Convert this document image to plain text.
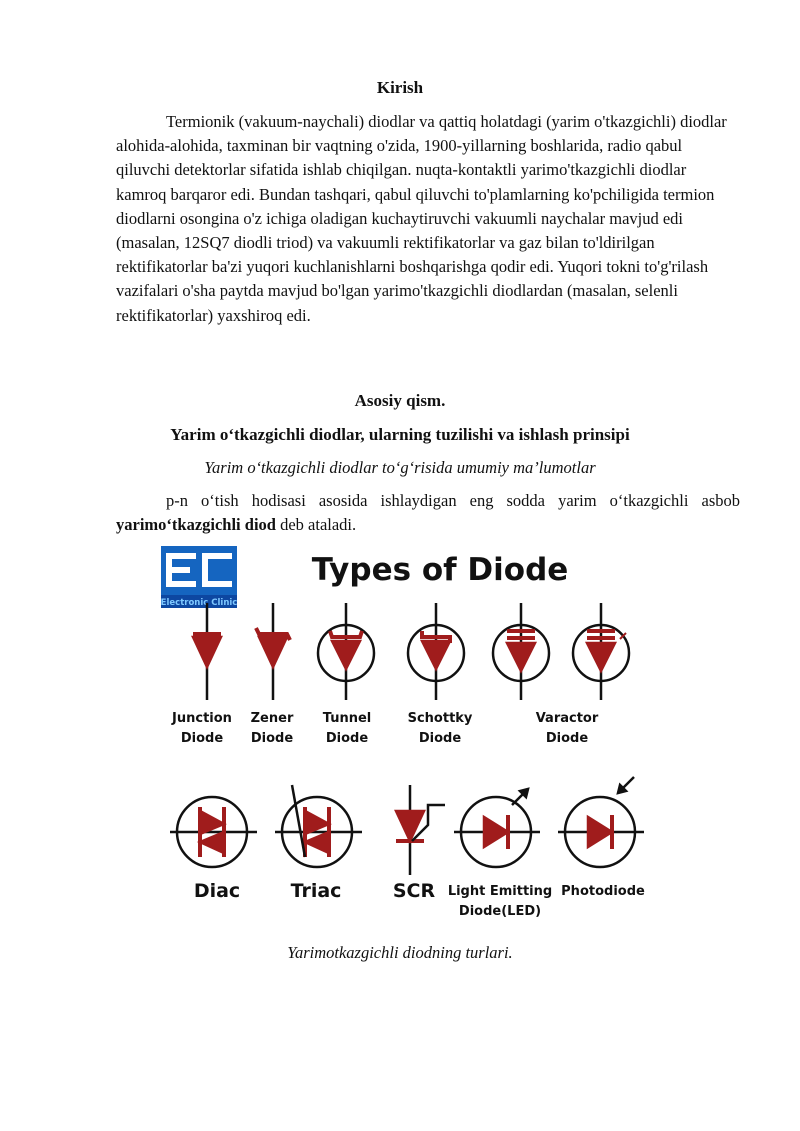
Kirish

Termionik (vakuum-naychali) diodlar va qattiq holatdagi (yarim o'tkazgichli) diodlar alohida-alohida, taxminan bir vaqtning o'zida, 1900-yillarning boshlarida, radio qabul qiluvchi detektorlar sifatida ishlab chiqilgan. nuqta-kontaktli yarimo'tkazgichli diodlar kamroq barqaror edi. Bundan tashqari, qabul qiluvchi to'plamlarning ko'pchiligida termion diodlarni osongina o'z ichiga oladigan kuchaytiruvchi vakuumli naychalar mavjud edi (masalan, 12SQ7 diodli triod) va vakuumli rektifikatorlar va gaz bilan to'ldirilgan rektifikatorlar ba'zi yuqori kuchlanishlarni boshqarishga qodir edi. Yuqori tokni to'g'rilash vazifalari o'sha paytda mavjud bo'lgan yarimo'tkazgichli diodlardan (masalan, selenli rektifikatorlar) yaxshiroq edi.

Asosiy qism.
Yarim o‘tkazgichli diodlar, ularning tuzilishi va ishlash prinsipi
Yarim o‘tkazgichli diodlar to‘g‘risida umumiy ma’lumotlar

p-n o‘tish hodisasi asosida ishlaydigan eng sodda yarim o‘tkazgichli asbob yarimo‘tkazgichli diod deb ataladi.

Electronic Clinic
Types of Diode
Junction
Diode
Zener
Diode
Tunnel
Diode
Schottky
Diode
Varactor
Diode
Diac	Triac	SCR Light Emitting
Diode(LED)
Photodiode
Yarimotkazgichli diodning turlari.
